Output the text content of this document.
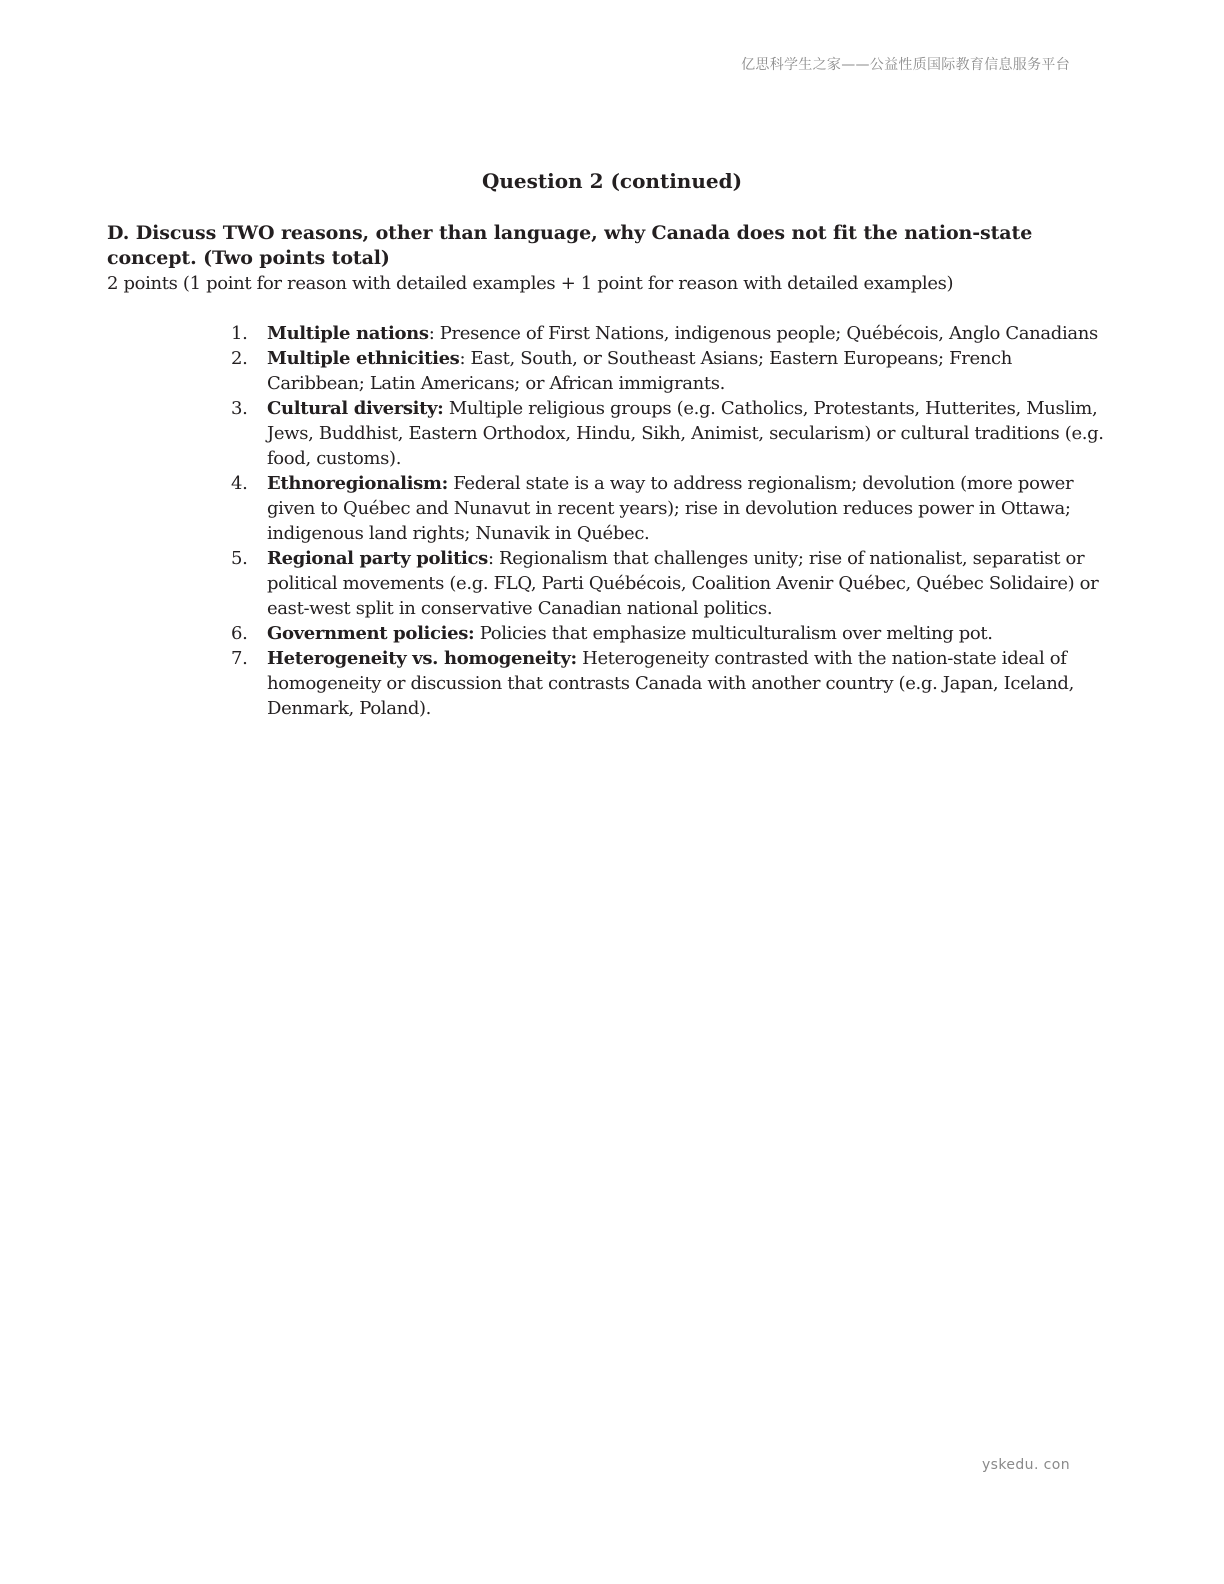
亿思科学生之家——公益性质国际教育信息服务平台
Question 2 (continued)

D. Discuss TWO reasons, other than language, why Canada does not fit the nation-state concept. (Two points total)

2 points (1 point for reason with detailed examples + 1 point for reason with detailed examples)

1. Multiple nations: Presence of First Nations, indigenous people; Québécois, Anglo Canadians
2. Multiple ethnicities: East, South, or Southeast Asians; Eastern Europeans; French Caribbean; Latin Americans; or African immigrants.
3. Cultural diversity: Multiple religious groups (e.g. Catholics, Protestants, Hutterites, Muslim, Jews, Buddhist, Eastern Orthodox, Hindu, Sikh, Animist, secularism) or cultural traditions (e.g. food, customs).
4. Ethnoregionalism: Federal state is a way to address regionalism; devolution (more power given to Québec and Nunavut in recent years); rise in devolution reduces power in Ottawa; indigenous land rights; Nunavik in Québec.
5. Regional party politics: Regionalism that challenges unity; rise of nationalist, separatist or political movements (e.g. FLQ, Parti Québécois, Coalition Avenir Québec, Québec Solidaire) or east-west split in conservative Canadian national politics.
6. Government policies: Policies that emphasize multiculturalism over melting pot.
7. Heterogeneity vs. homogeneity: Heterogeneity contrasted with the nation-state ideal of homogeneity or discussion that contrasts Canada with another country (e.g. Japan, Iceland, Denmark, Poland).
yskedu. con
